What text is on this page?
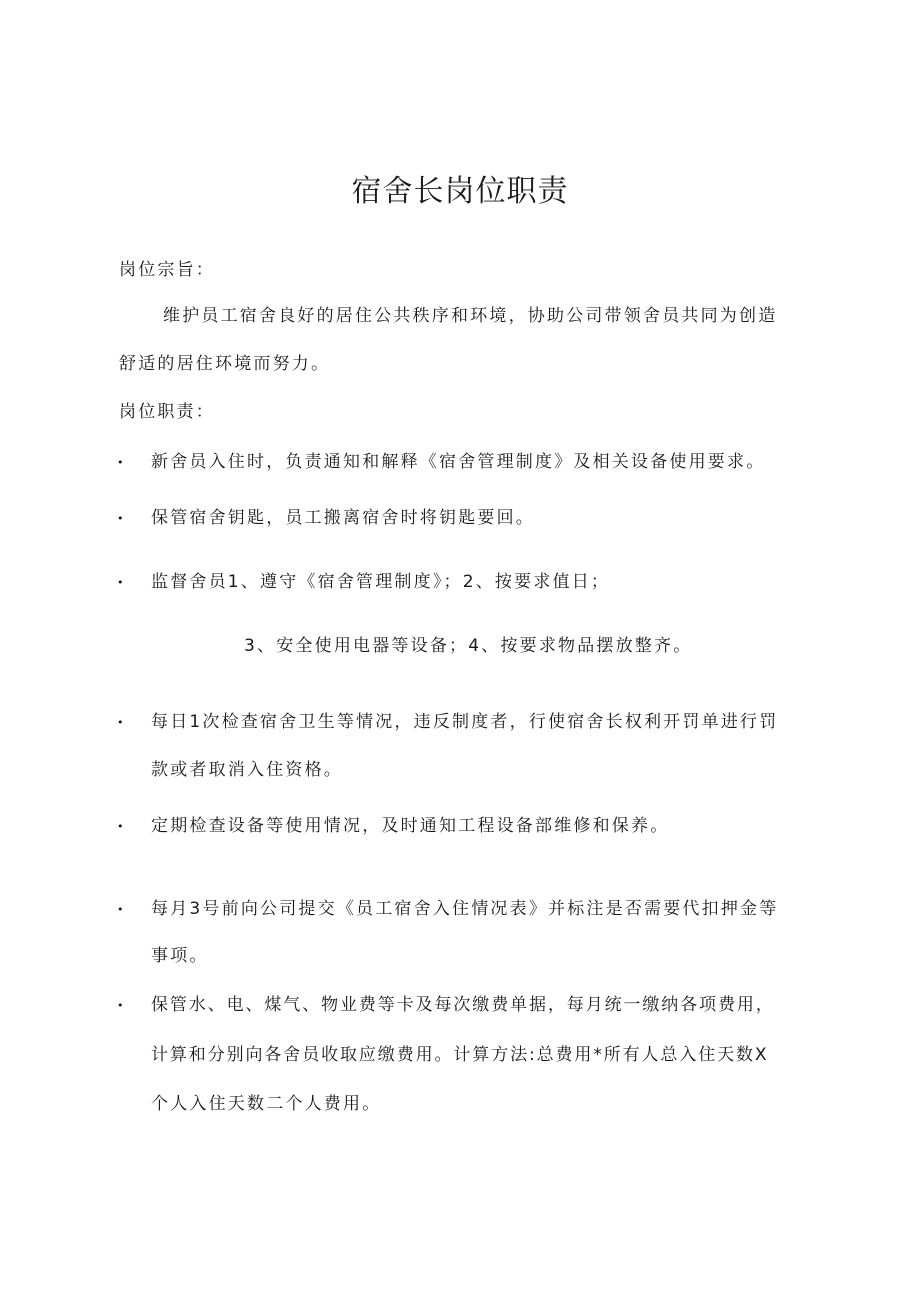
宿舍长岗位职责

岗位宗旨：

维护员工宿舍良好的居住公共秩序和环境，协助公司带领舍员共同为创造

舒适的居住环境而努力。

岗位职责：

• 新舍员入住时，负责通知和解释《宿舍管理制度》及相关设备使用要求。

• 保管宿舍钥匙，员工搬离宿舍时将钥匙要回。

• 监督舍员1、遵守《宿舍管理制度》；2、按要求值日；

3、安全使用电器等设备；4、按要求物品摆放整齐。

• 每日1次检查宿舍卫生等情况，违反制度者，行使宿舍长权利开罚单进行罚

款或者取消入住资格。

• 定期检查设备等使用情况，及时通知工程设备部维修和保养。

• 每月3号前向公司提交《员工宿舍入住情况表》并标注是否需要代扣押金等

事项。

• 保管水、电、煤气、物业费等卡及每次缴费单据，每月统一缴纳各项费用，

计算和分别向各舍员收取应缴费用。计算方法:总费用*所有人总入住天数X

个人入住天数二个人费用。
